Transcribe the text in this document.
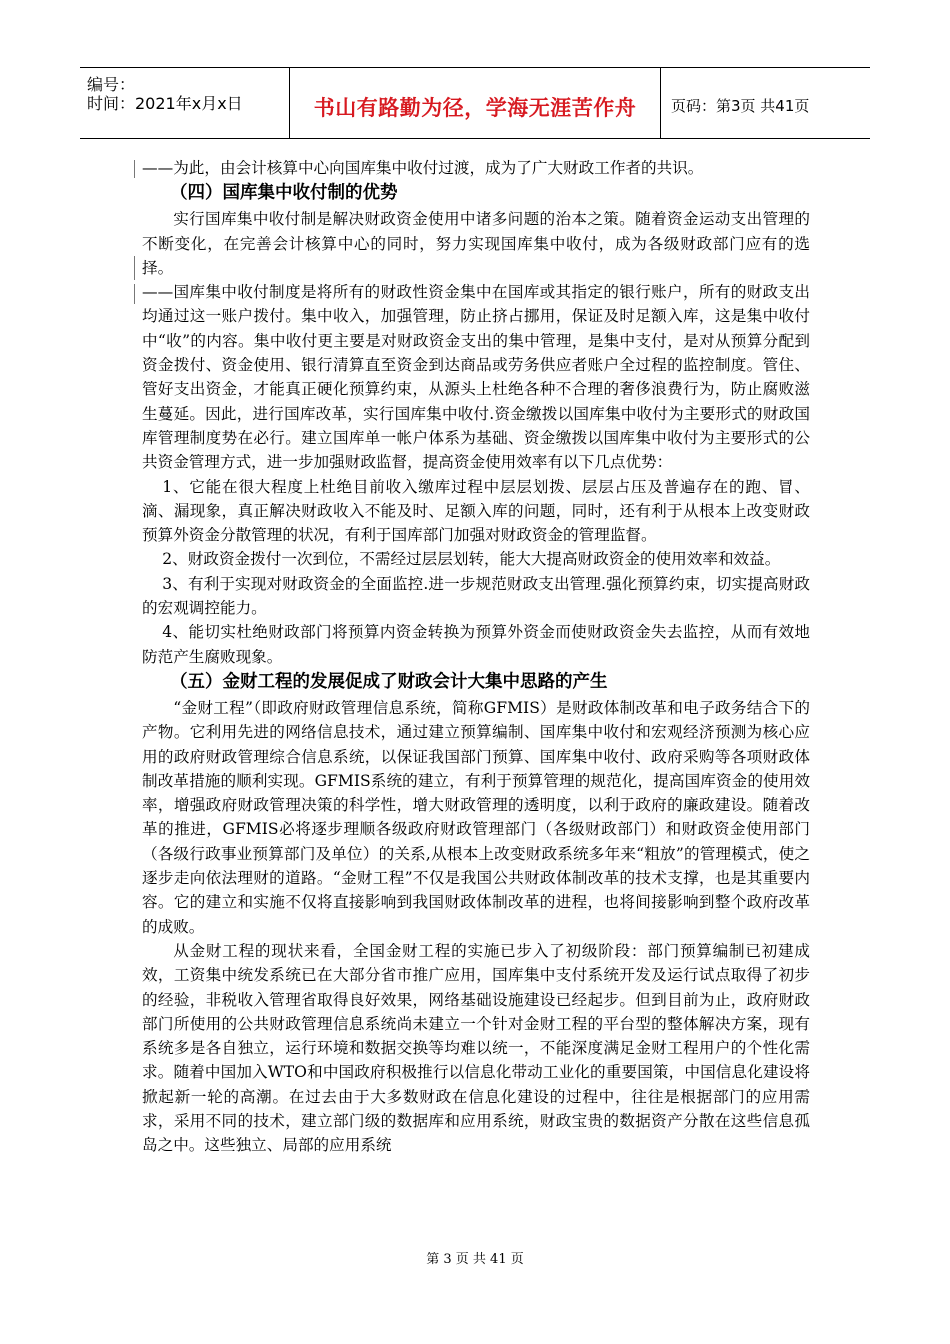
编号：
时间：2021年x月x日	书山有路勤为径，学海无涯苦作舟	页码：第3页 共41页

——为此，由会计核算中心向国库集中收付过渡，成为了广大财政工作者的共识。

（四）国库集中收付制的优势

实行国库集中收付制是解决财政资金使用中诸多问题的治本之策。随着资金运动支出管理的不断变化，在完善会计核算中心的同时，努力实现国库集中收付，成为各级财政部门应有的选择。

——国库集中收付制度是将所有的财政性资金集中在国库或其指定的银行账户，所有的财政支出均通过这一账户拨付。集中收入，加强管理，防止挤占挪用，保证及时足额入库，这是集中收付中“收”的内容。集中收付更主要是对财政资金支出的集中管理，是集中支付，是对从预算分配到资金拨付、资金使用、银行清算直至资金到达商品或劳务供应者账户全过程的监控制度。管住、管好支出资金，才能真正硬化预算约束，从源头上杜绝各种不合理的奢侈浪费行为，防止腐败滋生蔓延。因此，进行国库改革，实行国库集中收付.资金缴拨以国库集中收付为主要形式的财政国库管理制度势在必行。建立国库单一帐户体系为基础、资金缴拨以国库集中收付为主要形式的公共资金管理方式，进一步加强财政监督，提高资金使用效率有以下几点优势：

1、它能在很大程度上杜绝目前收入缴库过程中层层划拨、层层占压及普遍存在的跑、冒、滴、漏现象，真正解决财政收入不能及时、足额入库的问题，同时，还有利于从根本上改变财政预算外资金分散管理的状况，有利于国库部门加强对财政资金的管理监督。

2、财政资金拨付一次到位，不需经过层层划转，能大大提高财政资金的使用效率和效益。

3、有利于实现对财政资金的全面监控.进一步规范财政支出管理.强化预算约束，切实提高财政的宏观调控能力。

4、能切实杜绝财政部门将预算内资金转换为预算外资金而使财政资金失去监控，从而有效地防范产生腐败现象。

（五）金财工程的发展促成了财政会计大集中思路的产生

“金财工程”（即政府财政管理信息系统，简称GFMIS）是财政体制改革和电子政务结合下的产物。它利用先进的网络信息技术，通过建立预算编制、国库集中收付和宏观经济预测为核心应用的政府财政管理综合信息系统，以保证我国部门预算、国库集中收付、政府采购等各项财政体制改革措施的顺利实现。GFMIS系统的建立，有利于预算管理的规范化，提高国库资金的使用效率，增强政府财政管理决策的科学性，增大财政管理的透明度，以利于政府的廉政建设。随着改革的推进，GFMIS必将逐步理顺各级政府财政管理部门（各级财政部门）和财政资金使用部门（各级行政事业预算部门及单位）的关系,从根本上改变财政系统多年来“粗放”的管理模式，使之逐步走向依法理财的道路。“金财工程”不仅是我国公共财政体制改革的技术支撑，也是其重要内容。它的建立和实施不仅将直接影响到我国财政体制改革的进程，也将间接影响到整个政府改革的成败。

从金财工程的现状来看，全国金财工程的实施已步入了初级阶段：部门预算编制已初建成效，工资集中统发系统已在大部分省市推广应用，国库集中支付系统开发及运行试点取得了初步的经验，非税收入管理省取得良好效果，网络基础设施建设已经起步。但到目前为止，政府财政部门所使用的公共财政管理信息系统尚未建立一个针对金财工程的平台型的整体解决方案，现有系统多是各自独立，运行环境和数据交换等均难以统一，不能深度满足金财工程用户的个性化需求。随着中国加入WTO和中国政府积极推行以信息化带动工业化的重要国策，中国信息化建设将掀起新一轮的高潮。在过去由于大多数财政在信息化建设的过程中，往往是根据部门的应用需求，采用不同的技术，建立部门级的数据库和应用系统，财政宝贵的数据资产分散在这些信息孤岛之中。这些独立、局部的应用系统

第 3 页 共 41 页
